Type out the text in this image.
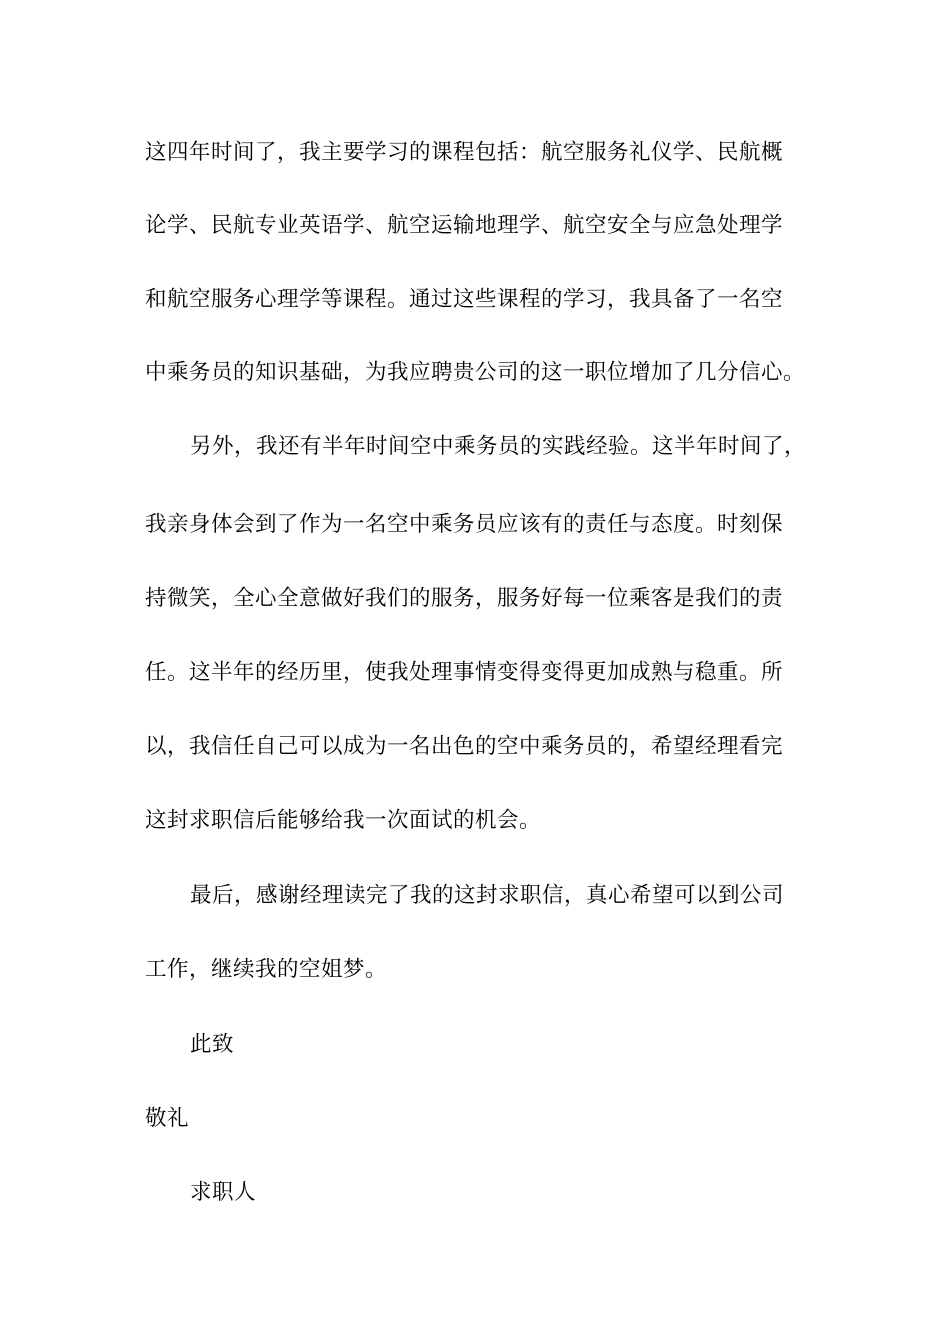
这四年时间了，我主要学习的课程包括：航空服务礼仪学、民航概
论学、民航专业英语学、航空运输地理学、航空安全与应急处理学
和航空服务心理学等课程。通过这些课程的学习，我具备了一名空
中乘务员的知识基础，为我应聘贵公司的这一职位增加了几分信心。
另外，我还有半年时间空中乘务员的实践经验。这半年时间了，
我亲身体会到了作为一名空中乘务员应该有的责任与态度。时刻保
持微笑，全心全意做好我们的服务，服务好每一位乘客是我们的责
任。这半年的经历里，使我处理事情变得变得更加成熟与稳重。所
以，我信任自己可以成为一名出色的空中乘务员的，希望经理看完
这封求职信后能够给我一次面试的机会。
最后，感谢经理读完了我的这封求职信，真心希望可以到公司
工作，继续我的空姐梦。
此致
敬礼
求职人
